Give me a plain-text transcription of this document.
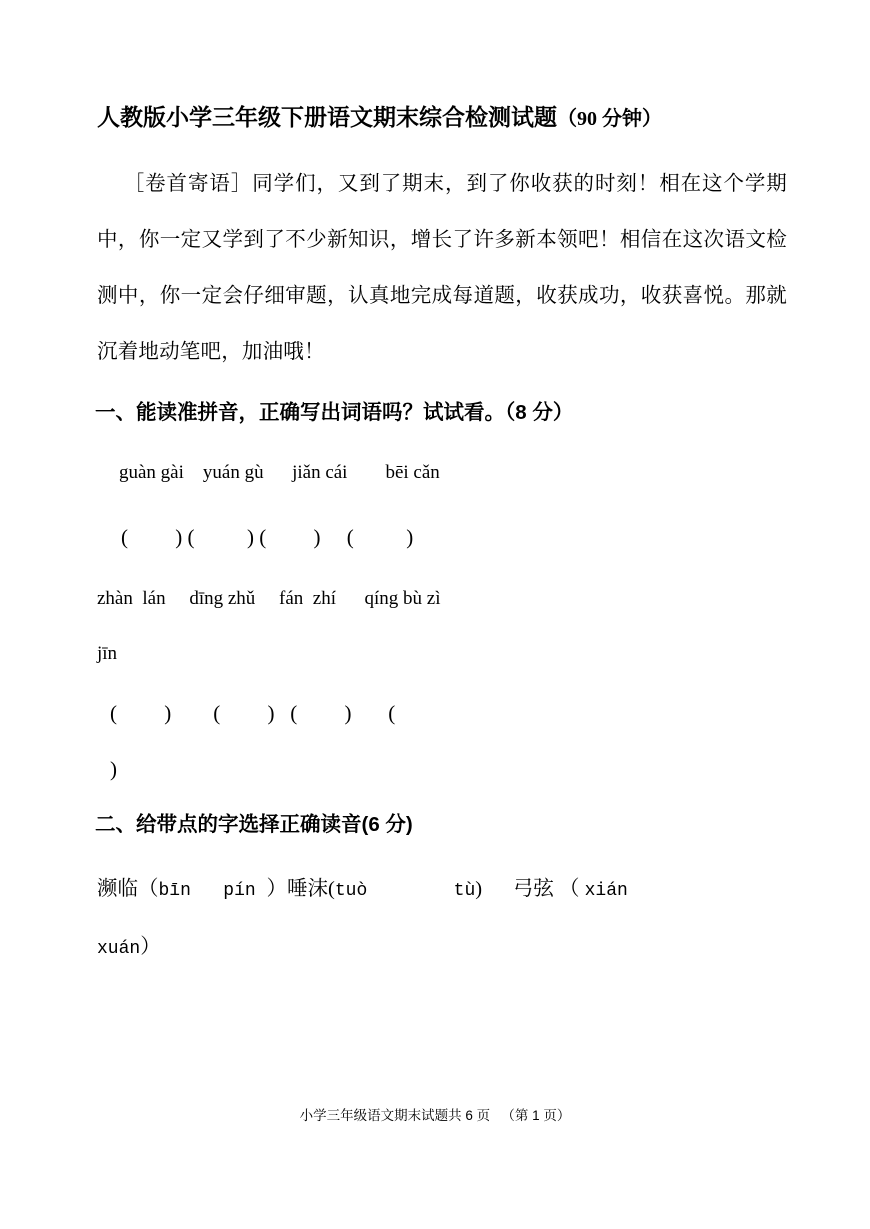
人教版小学三年级下册语文期末综合检测试题（90 分钟）

［卷首寄语］同学们，又到了期末，到了你收获的时刻！相在这个学期中，你一定又学到了不少新知识，增长了许多新本领吧！相信在这次语文检测中，你一定会仔细审题，认真地完成每道题，收获成功，收获喜悦。那就沉着地动笔吧，加油哦！

一、能读准拼音，正确写出词语吗？试试看。（8 分）
guàn gài    yuán gù      jiǎn cái        bēi cǎn
(         ) (          ) (         )     (          )
zhàn  lán     dīng zhǔ     fán  zhí      qíng bù zì
jīn
(         )        (         )   (         )       (
)
二、给带点的字选择正确读音(6 分)
濒临（bīn   pín ）唾沫(tuò        tù)      弓弦 （ xián
xuán）
小学三年级语文期末试题共 6 页   （第 1 页）
